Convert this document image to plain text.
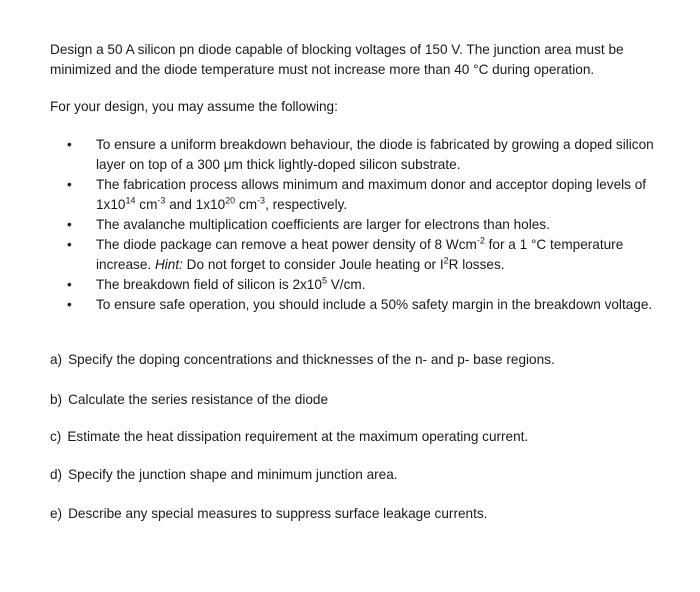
Design a 50 A silicon pn diode capable of blocking voltages of 150 V. The junction area must be minimized and the diode temperature must not increase more than 40 °C during operation.

For your design, you may assume the following:

• To ensure a uniform breakdown behaviour, the diode is fabricated by growing a doped silicon layer on top of a 300 μm thick lightly-doped silicon substrate.
• The fabrication process allows minimum and maximum donor and acceptor doping levels of $1x10^{14}$ $cm^{-3}$ and $1x10^{20}$ $cm^{-3}$, respectively.
• The avalanche multiplication coefficients are larger for electrons than holes.
• The diode package can remove a heat power density of 8 Wcm$^{-2}$ for a 1 °C temperature increase. Hint: Do not forget to consider Joule heating or $I^2R$ losses.
• The breakdown field of silicon is $2x10^5$ V/cm.
• To ensure safe operation, you should include a 50% safety margin in the breakdown voltage.

a) Specify the doping concentrations and thicknesses of the n- and p- base regions.

b) Calculate the series resistance of the diode

c) Estimate the heat dissipation requirement at the maximum operating current.

d) Specify the junction shape and minimum junction area.

e) Describe any special measures to suppress surface leakage currents.
